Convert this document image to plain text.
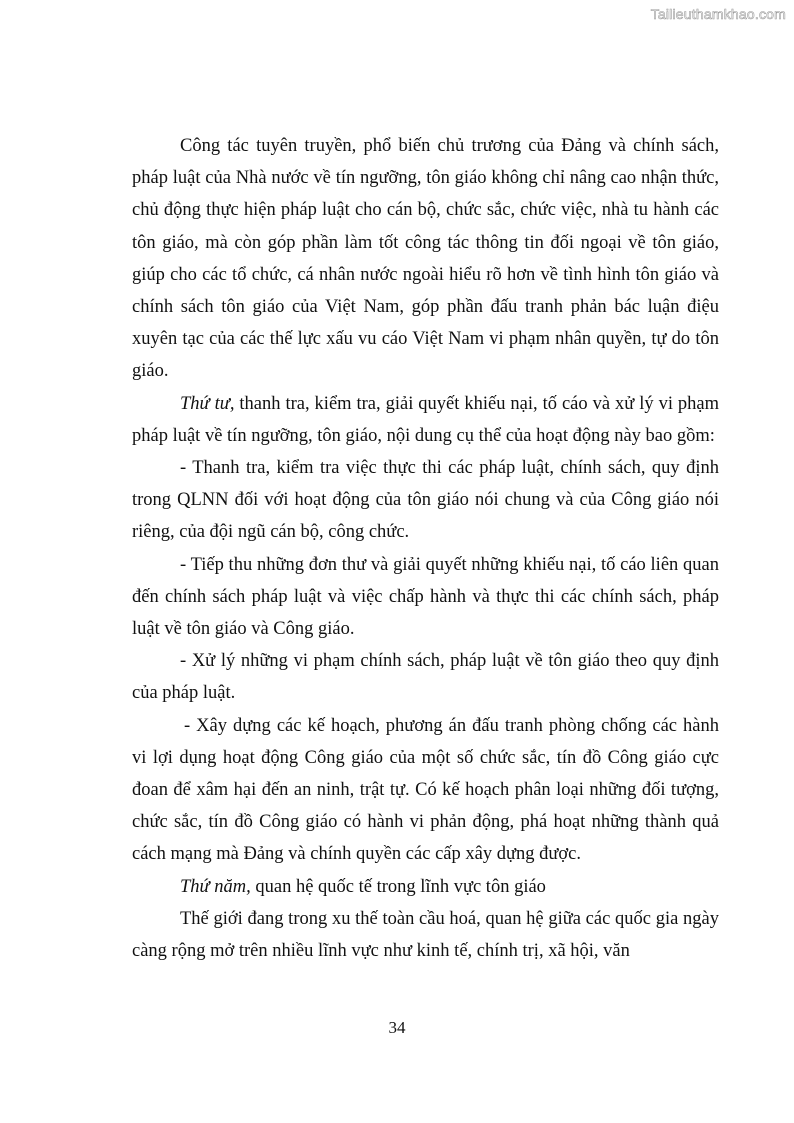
Tailieuthamkhao.com

Công tác tuyên truyền, phổ biến chủ trương của Đảng và chính sách, pháp luật của Nhà nước về tín ngưỡng, tôn giáo không chỉ nâng cao nhận thức, chủ động thực hiện pháp luật cho cán bộ, chức sắc, chức việc, nhà tu hành các tôn giáo, mà còn góp phần làm tốt công tác thông tin đối ngoại về tôn giáo, giúp cho các tổ chức, cá nhân nước ngoài hiểu rõ hơn về tình hình tôn giáo và chính sách tôn giáo của Việt Nam, góp phần đấu tranh phản bác luận điệu xuyên tạc của các thế lực xấu vu cáo Việt Nam vi phạm nhân quyền, tự do tôn giáo.

Thứ tư, thanh tra, kiểm tra, giải quyết khiếu nại, tố cáo và xử lý vi phạm pháp luật về tín ngưỡng, tôn giáo, nội dung cụ thể của hoạt động này bao gồm:

- Thanh tra, kiểm tra việc thực thi các pháp luật, chính sách, quy định trong QLNN đối với hoạt động của tôn giáo nói chung và của Công giáo nói riêng, của đội ngũ cán bộ, công chức.

- Tiếp thu những đơn thư và giải quyết những khiếu nại, tố cáo liên quan đến chính sách pháp luật và việc chấp hành và thực thi các chính sách, pháp luật về tôn giáo và Công giáo.

- Xử lý những vi phạm chính sách, pháp luật về tôn giáo theo quy định của pháp luật.

- Xây dựng các kế hoạch, phương án đấu tranh phòng chống các hành vi lợi dụng hoạt động Công giáo của một số chức sắc, tín đồ Công giáo cực đoan để xâm hại đến an ninh, trật tự. Có kế hoạch phân loại những đối tượng, chức sắc, tín đồ Công giáo có hành vi phản động, phá hoạt những thành quả cách mạng mà Đảng và chính quyền các cấp xây dựng được.

Thứ năm, quan hệ quốc tế trong lĩnh vực tôn giáo

Thế giới đang trong xu thế toàn cầu hoá, quan hệ giữa các quốc gia ngày càng rộng mở trên nhiều lĩnh vực như kinh tế, chính trị, xã hội, văn

34
